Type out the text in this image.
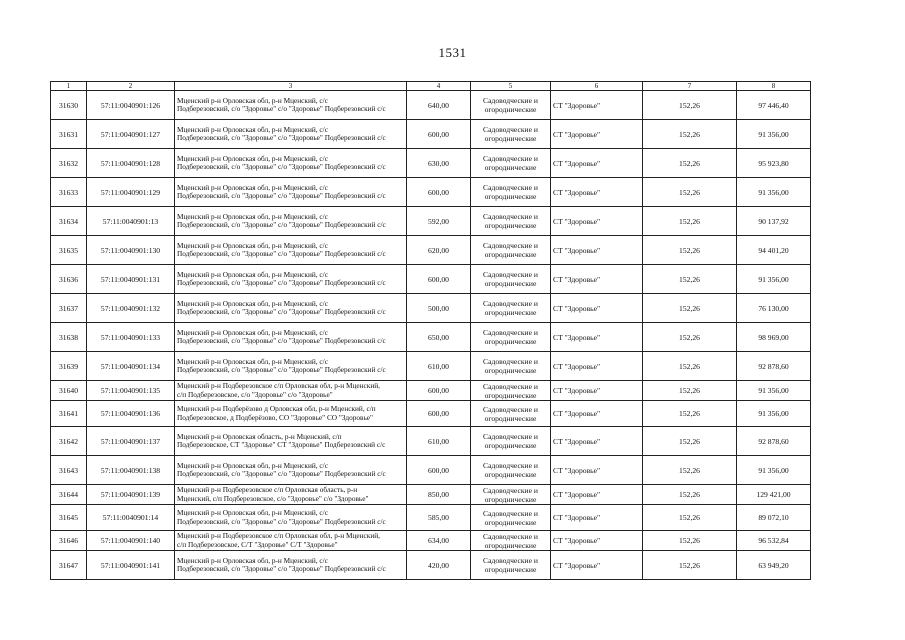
1531
1	2	3	4	5	6	7	8
31630	57:11:0040901:126	Мценский р-н Орловская обл, р-н Мценский, с/с
Подберезовский, с/о "Здоровье" с/о "Здоровье" Подберезовский с/с	640,00	Садоводческие и
огороднические	СТ "Здоровье"	152,26	97 446,40
31631	57:11:0040901:127	Мценский р-н Орловская обл, р-н Мценский, с/с
Подберезовский, с/о "Здоровье" с/о "Здоровье" Подберезовский с/с	600,00	Садоводческие и
огороднические	СТ "Здоровье"	152,26	91 356,00
31632	57:11:0040901:128	Мценский р-н Орловская обл, р-н Мценский, с/с
Подберезовский, с/о "Здоровье" с/о "Здоровье" Подберезовский с/с	630,00	Садоводческие и
огороднические	СТ "Здоровье"	152,26	95 923,80
31633	57:11:0040901:129	Мценский р-н Орловская обл, р-н Мценский, с/с
Подберезовский, с/о "Здоровье" с/о "Здоровье" Подберезовский с/с	600,00	Садоводческие и
огороднические	СТ "Здоровье"	152,26	91 356,00
31634	57:11:0040901:13	Мценский р-н Орловская обл, р-н Мценский, с/с
Подберезовский, с/о "Здоровье" с/о "Здоровье" Подберезовский с/с	592,00	Садоводческие и
огороднические	СТ "Здоровье"	152,26	90 137,92
31635	57:11:0040901:130	Мценский р-н Орловская обл, р-н Мценский, с/с
Подберезовский, с/о "Здоровье" с/о "Здоровье" Подберезовский с/с	620,00	Садоводческие и
огороднические	СТ "Здоровье"	152,26	94 401,20
31636	57:11:0040901:131	Мценский р-н Орловская обл, р-н Мценский, с/с
Подберезовский, с/о "Здоровье" с/о "Здоровье" Подберезовский с/с	600,00	Садоводческие и
огороднические	СТ "Здоровье"	152,26	91 356,00
31637	57:11:0040901:132	Мценский р-н Орловская обл, р-н Мценский, с/с
Подберезовский, с/о "Здоровье" с/о "Здоровье" Подберезовский с/с	500,00	Садоводческие и
огороднические	СТ "Здоровье"	152,26	76 130,00
31638	57:11:0040901:133	Мценский р-н Орловская обл, р-н Мценский, с/с
Подберезовский, с/о "Здоровье" с/о "Здоровье" Подберезовский с/с	650,00	Садоводческие и
огороднические	СТ "Здоровье"	152,26	98 969,00
31639	57:11:0040901:134	Мценский р-н Орловская обл, р-н Мценский, с/с
Подберезовский, с/о "Здоровье" с/о "Здоровье" Подберезовский с/с	610,00	Садоводческие и
огороднические	СТ "Здоровье"	152,26	92 878,60
31640	57:11:0040901:135	Мценский р-н Подберезовское с/п Орловская обл, р-н Мценский,
с/п Подберезовское, с/о "Здоровье" с/о "Здоровье"	600,00	Садоводческие и
огороднические	СТ "Здоровье"	152,26	91 356,00
31641	57:11:0040901:136	Мценский р-н Подберёзово д Орловская обл, р-н Мценский, с/п
Подберезовское, д Подберёзово, СО "Здоровье" СО "Здоровье"	600,00	Садоводческие и
огороднические	СТ "Здоровье"	152,26	91 356,00
31642	57:11:0040901:137	Мценский р-н Орловская область, р-н Мценский, с/п
Подберезовское, СТ "Здоровье" СТ "Здоровье" Подберезовский с/с	610,00	Садоводческие и
огороднические	СТ "Здоровье"	152,26	92 878,60
31643	57:11:0040901:138	Мценский р-н Орловская обл, р-н Мценский, с/с
Подберезовский, с/о "Здоровье" с/о "Здоровье" Подберезовский с/с	600,00	Садоводческие и
огороднические	СТ "Здоровье"	152,26	91 356,00
31644	57:11:0040901:139	Мценский р-н Подберезовское с/п Орловская область, р-н
Мценский, с/п Подберезовское, с/о "Здоровье" с/о "Здоровье"	850,00	Садоводческие и
огороднические	СТ "Здоровье"	152,26	129 421,00
31645	57:11:0040901:14	Мценский р-н Орловская обл, р-н Мценский, с/с
Подберезовский, с/о "Здоровье" с/о "Здоровье" Подберезовский с/с	585,00	Садоводческие и
огороднические	СТ "Здоровье"	152,26	89 072,10
31646	57:11:0040901:140	Мценский р-н Подберезовское с/п Орловская обл, р-н Мценский,
с/п Подберезовское, С/Т "Здоровье" С/Т "Здоровье"	634,00	Садоводческие и
огороднические	СТ "Здоровье"	152,26	96 532,84
31647	57:11:0040901:141	Мценский р-н Орловская обл, р-н Мценский, с/с
Подберезовский, с/о "Здоровье" с/о "Здоровье" Подберезовский с/с	420,00	Садоводческие и
огороднические	СТ "Здоровье"	152,26	63 949,20
